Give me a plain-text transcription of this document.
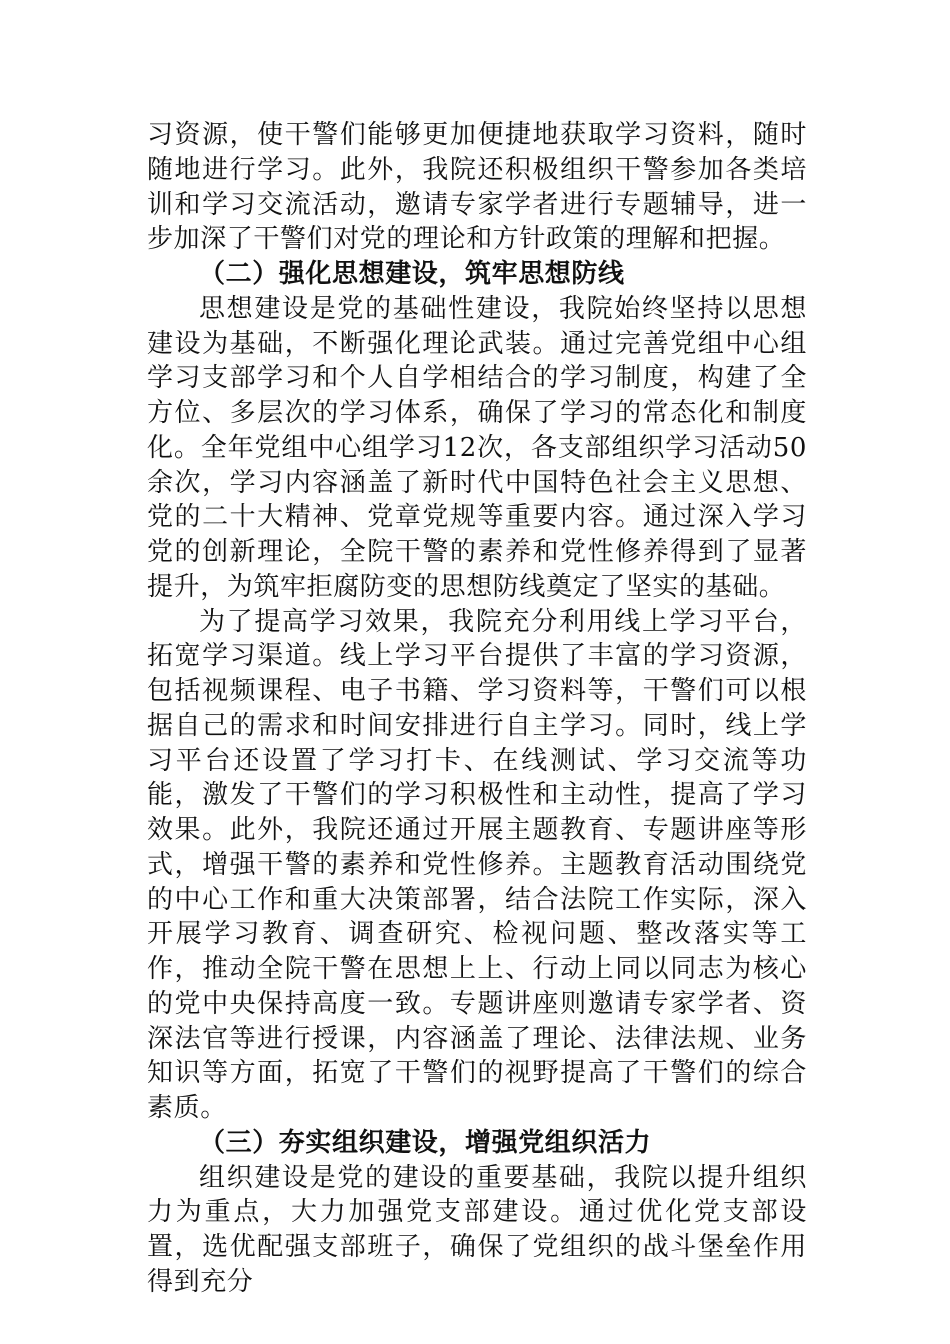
习资源，使干警们能够更加便捷地获取学习资料，随时随地进行学习。此外，我院还积极组织干警参加各类培训和学习交流活动，邀请专家学者进行专题辅导，进一步加深了干警们对党的理论和方针政策的理解和把握。

（二）强化思想建设，筑牢思想防线

思想建设是党的基础性建设，我院始终坚持以思想建设为基础，不断强化理论武装。通过完善党组中心组学习支部学习和个人自学相结合的学习制度，构建了全方位、多层次的学习体系，确保了学习的常态化和制度化。全年党组中心组学习12次，各支部组织学习活动50余次，学习内容涵盖了新时代中国特色社会主义思想、党的二十大精神、党章党规等重要内容。通过深入学习党的创新理论，全院干警的素养和党性修养得到了显著提升，为筑牢拒腐防变的思想防线奠定了坚实的基础。

为了提高学习效果，我院充分利用线上学习平台，拓宽学习渠道。线上学习平台提供了丰富的学习资源，包括视频课程、电子书籍、学习资料等，干警们可以根据自己的需求和时间安排进行自主学习。同时，线上学习平台还设置了学习打卡、在线测试、学习交流等功能，激发了干警们的学习积极性和主动性，提高了学习效果。此外，我院还通过开展主题教育、专题讲座等形式，增强干警的素养和党性修养。主题教育活动围绕党的中心工作和重大决策部署，结合法院工作实际，深入开展学习教育、调查研究、检视问题、整改落实等工作，推动全院干警在思想上上、行动上同以同志为核心的党中央保持高度一致。专题讲座则邀请专家学者、资深法官等进行授课，内容涵盖了理论、法律法规、业务知识等方面，拓宽了干警们的视野提高了干警们的综合素质。

（三）夯实组织建设，增强党组织活力

组织建设是党的建设的重要基础，我院以提升组织力为重点，大力加强党支部建设。通过优化党支部设置，选优配强支部班子，确保了党组织的战斗堡垒作用得到充分
